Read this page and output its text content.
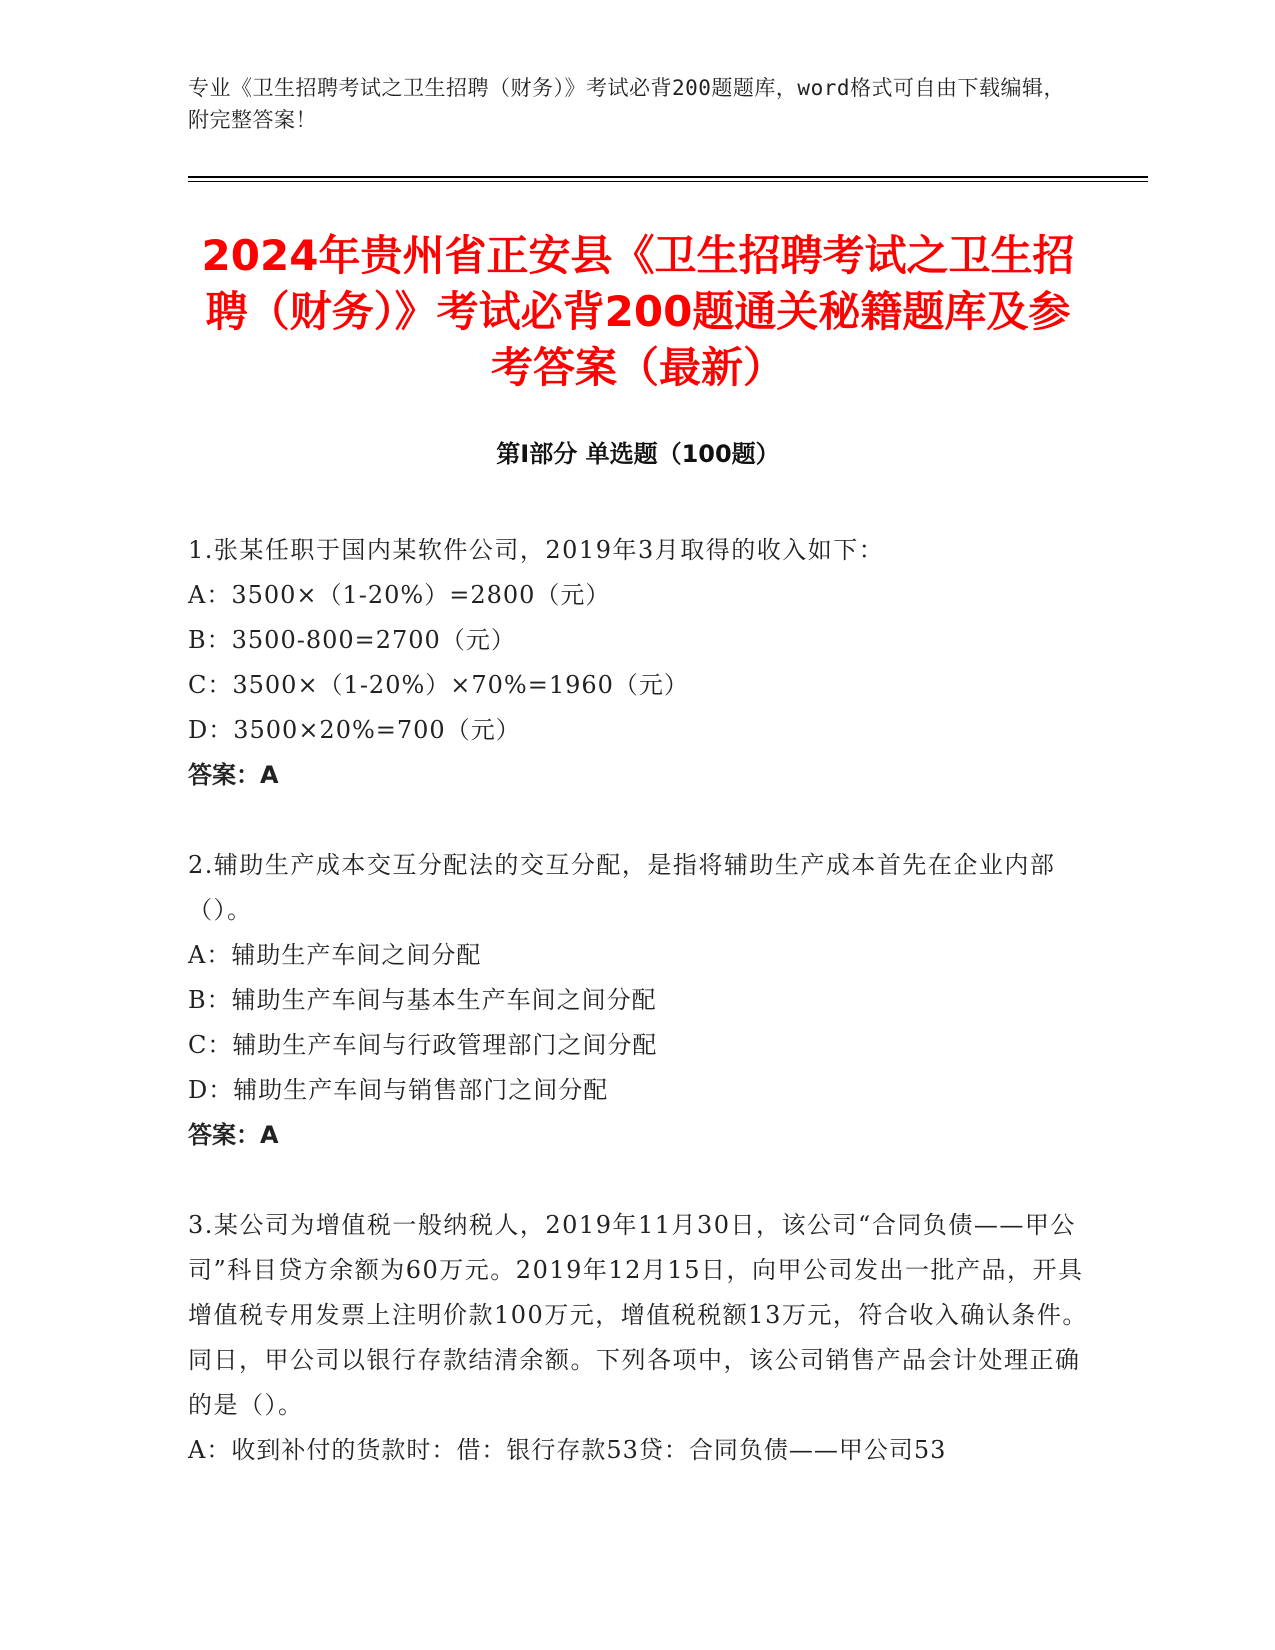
专业《卫生招聘考试之卫生招聘（财务）》考试必背200题题库，word格式可自由下载编辑，附完整答案！
2024年贵州省正安县《卫生招聘考试之卫生招聘（财务）》考试必背200题通关秘籍题库及参考答案（最新）
第Ⅰ部分 单选题（100题）
1.张某任职于国内某软件公司，2019年3月取得的收入如下：
A：3500×（1-20%）=2800（元）
B：3500-800=2700（元）
C：3500×（1-20%）×70%=1960（元）
D：3500×20%=700（元）
答案：A
2.辅助生产成本交互分配法的交互分配，是指将辅助生产成本首先在企业内部（）。
A：辅助生产车间之间分配
B：辅助生产车间与基本生产车间之间分配
C：辅助生产车间与行政管理部门之间分配
D：辅助生产车间与销售部门之间分配
答案：A
3.某公司为增值税一般纳税人，2019年11月30日，该公司“合同负债——甲公司”科目贷方余额为60万元。2019年12月15日，向甲公司发出一批产品，开具增值税专用发票上注明价款100万元，增值税税额13万元，符合收入确认条件。同日，甲公司以银行存款结清余额。下列各项中，该公司销售产品会计处理正确的是（）。
A：收到补付的货款时：借：银行存款53贷：合同负债——甲公司53
